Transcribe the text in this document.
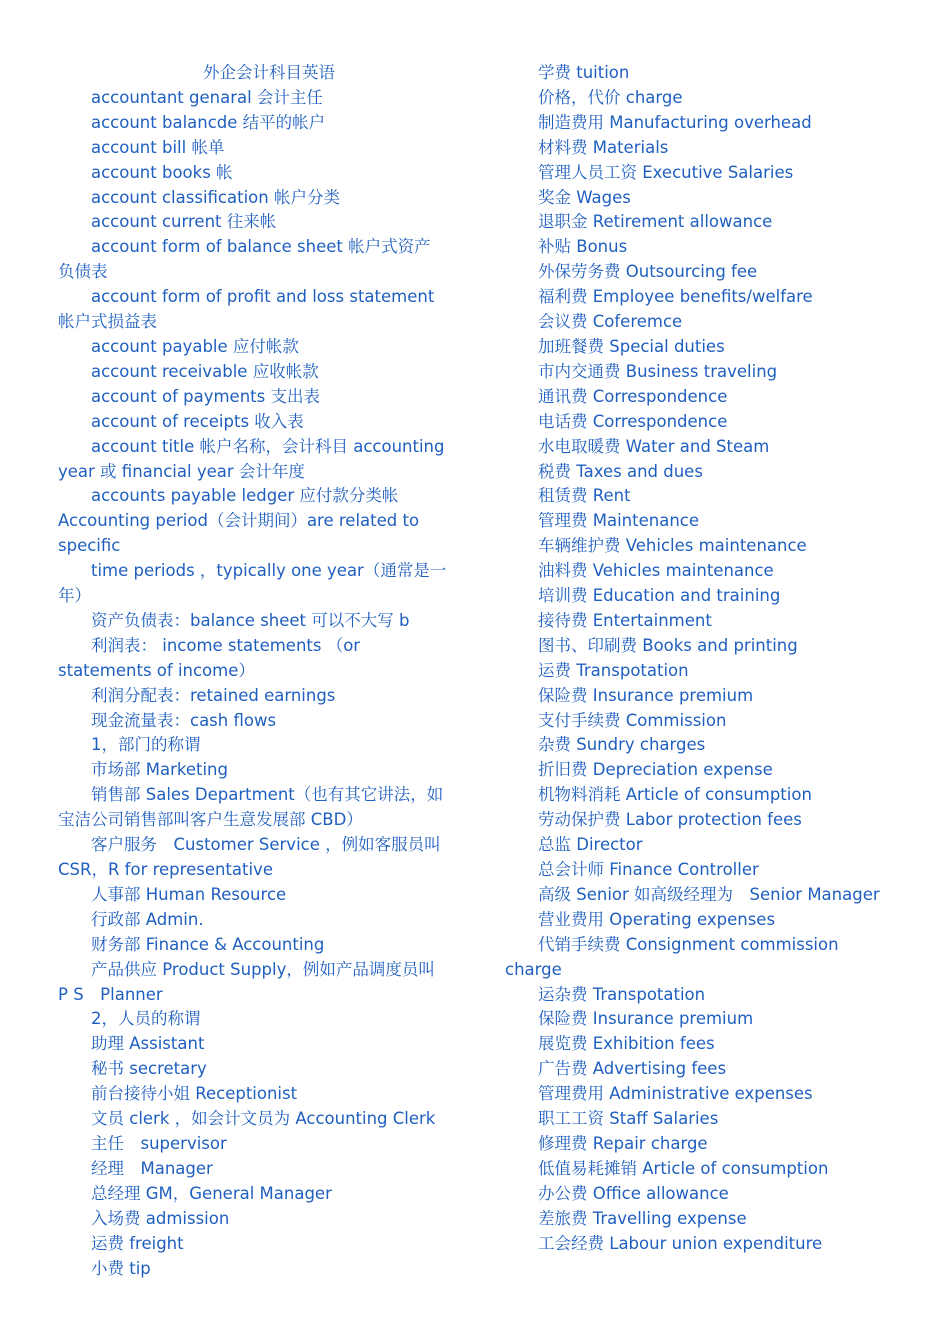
外企会计科目英语
accountant genaral 会计主任
account balancde 结平的帐户
account bill 帐单
account books 帐
account classification 帐户分类
account current 往来帐
account form of balance sheet 帐户式资产
负债表
account form of profit and loss statement
帐户式损益表
account payable 应付帐款
account receivable 应收帐款
account of payments 支出表
account of receipts 收入表
account title 帐户名称，会计科目 accounting
year 或 financial year 会计年度
accounts payable ledger 应付款分类帐
Accounting period（会计期间）are related to
specific
time periods ，typically one year（通常是一
年）
资产负债表：balance sheet 可以不大写 b
利润表： income statements （or
statements of income）
利润分配表：retained earnings
现金流量表：cash flows
1，部门的称谓
市场部 Marketing
销售部 Sales Department（也有其它讲法，如
宝洁公司销售部叫客户生意发展部 CBD）
客户服务　Customer Service ，例如客服员叫
CSR，R for representative
人事部 Human Resource
行政部 Admin.
财务部 Finance & Accounting
产品供应 Product Supply，例如产品调度员叫
P S　Planner
2，人员的称谓
助理 Assistant
秘书 secretary
前台接待小姐 Receptionist
文员 clerk ，如会计文员为 Accounting Clerk
主任　supervisor
经理　Manager
总经理 GM，General Manager
入场费 admission
运费 freight
小费 tip
学费 tuition
价格，代价 charge
制造费用 Manufacturing overhead
材料费 Materials
管理人员工资 Executive Salaries
奖金 Wages
退职金 Retirement allowance
补贴 Bonus
外保劳务费 Outsourcing fee
福利费 Employee benefits/welfare
会议费 Coferemce
加班餐费 Special duties
市内交通费 Business traveling
通讯费 Correspondence
电话费 Correspondence
水电取暖费 Water and Steam
税费 Taxes and dues
租赁费 Rent
管理费 Maintenance
车辆维护费 Vehicles maintenance
油料费 Vehicles maintenance
培训费 Education and training
接待费 Entertainment
图书、印刷费 Books and printing
运费 Transpotation
保险费 Insurance premium
支付手续费 Commission
杂费 Sundry charges
折旧费 Depreciation expense
机物料消耗 Article of consumption
劳动保护费 Labor protection fees
总监 Director
总会计师 Finance Controller
高级 Senior 如高级经理为　Senior Manager
营业费用 Operating expenses
代销手续费 Consignment commission
charge
运杂费 Transpotation
保险费 Insurance premium
展览费 Exhibition fees
广告费 Advertising fees
管理费用 Administrative expenses
职工工资 Staff Salaries
修理费 Repair charge
低值易耗摊销 Article of consumption
办公费 Office allowance
差旅费 Travelling expense
工会经费 Labour union expenditure
